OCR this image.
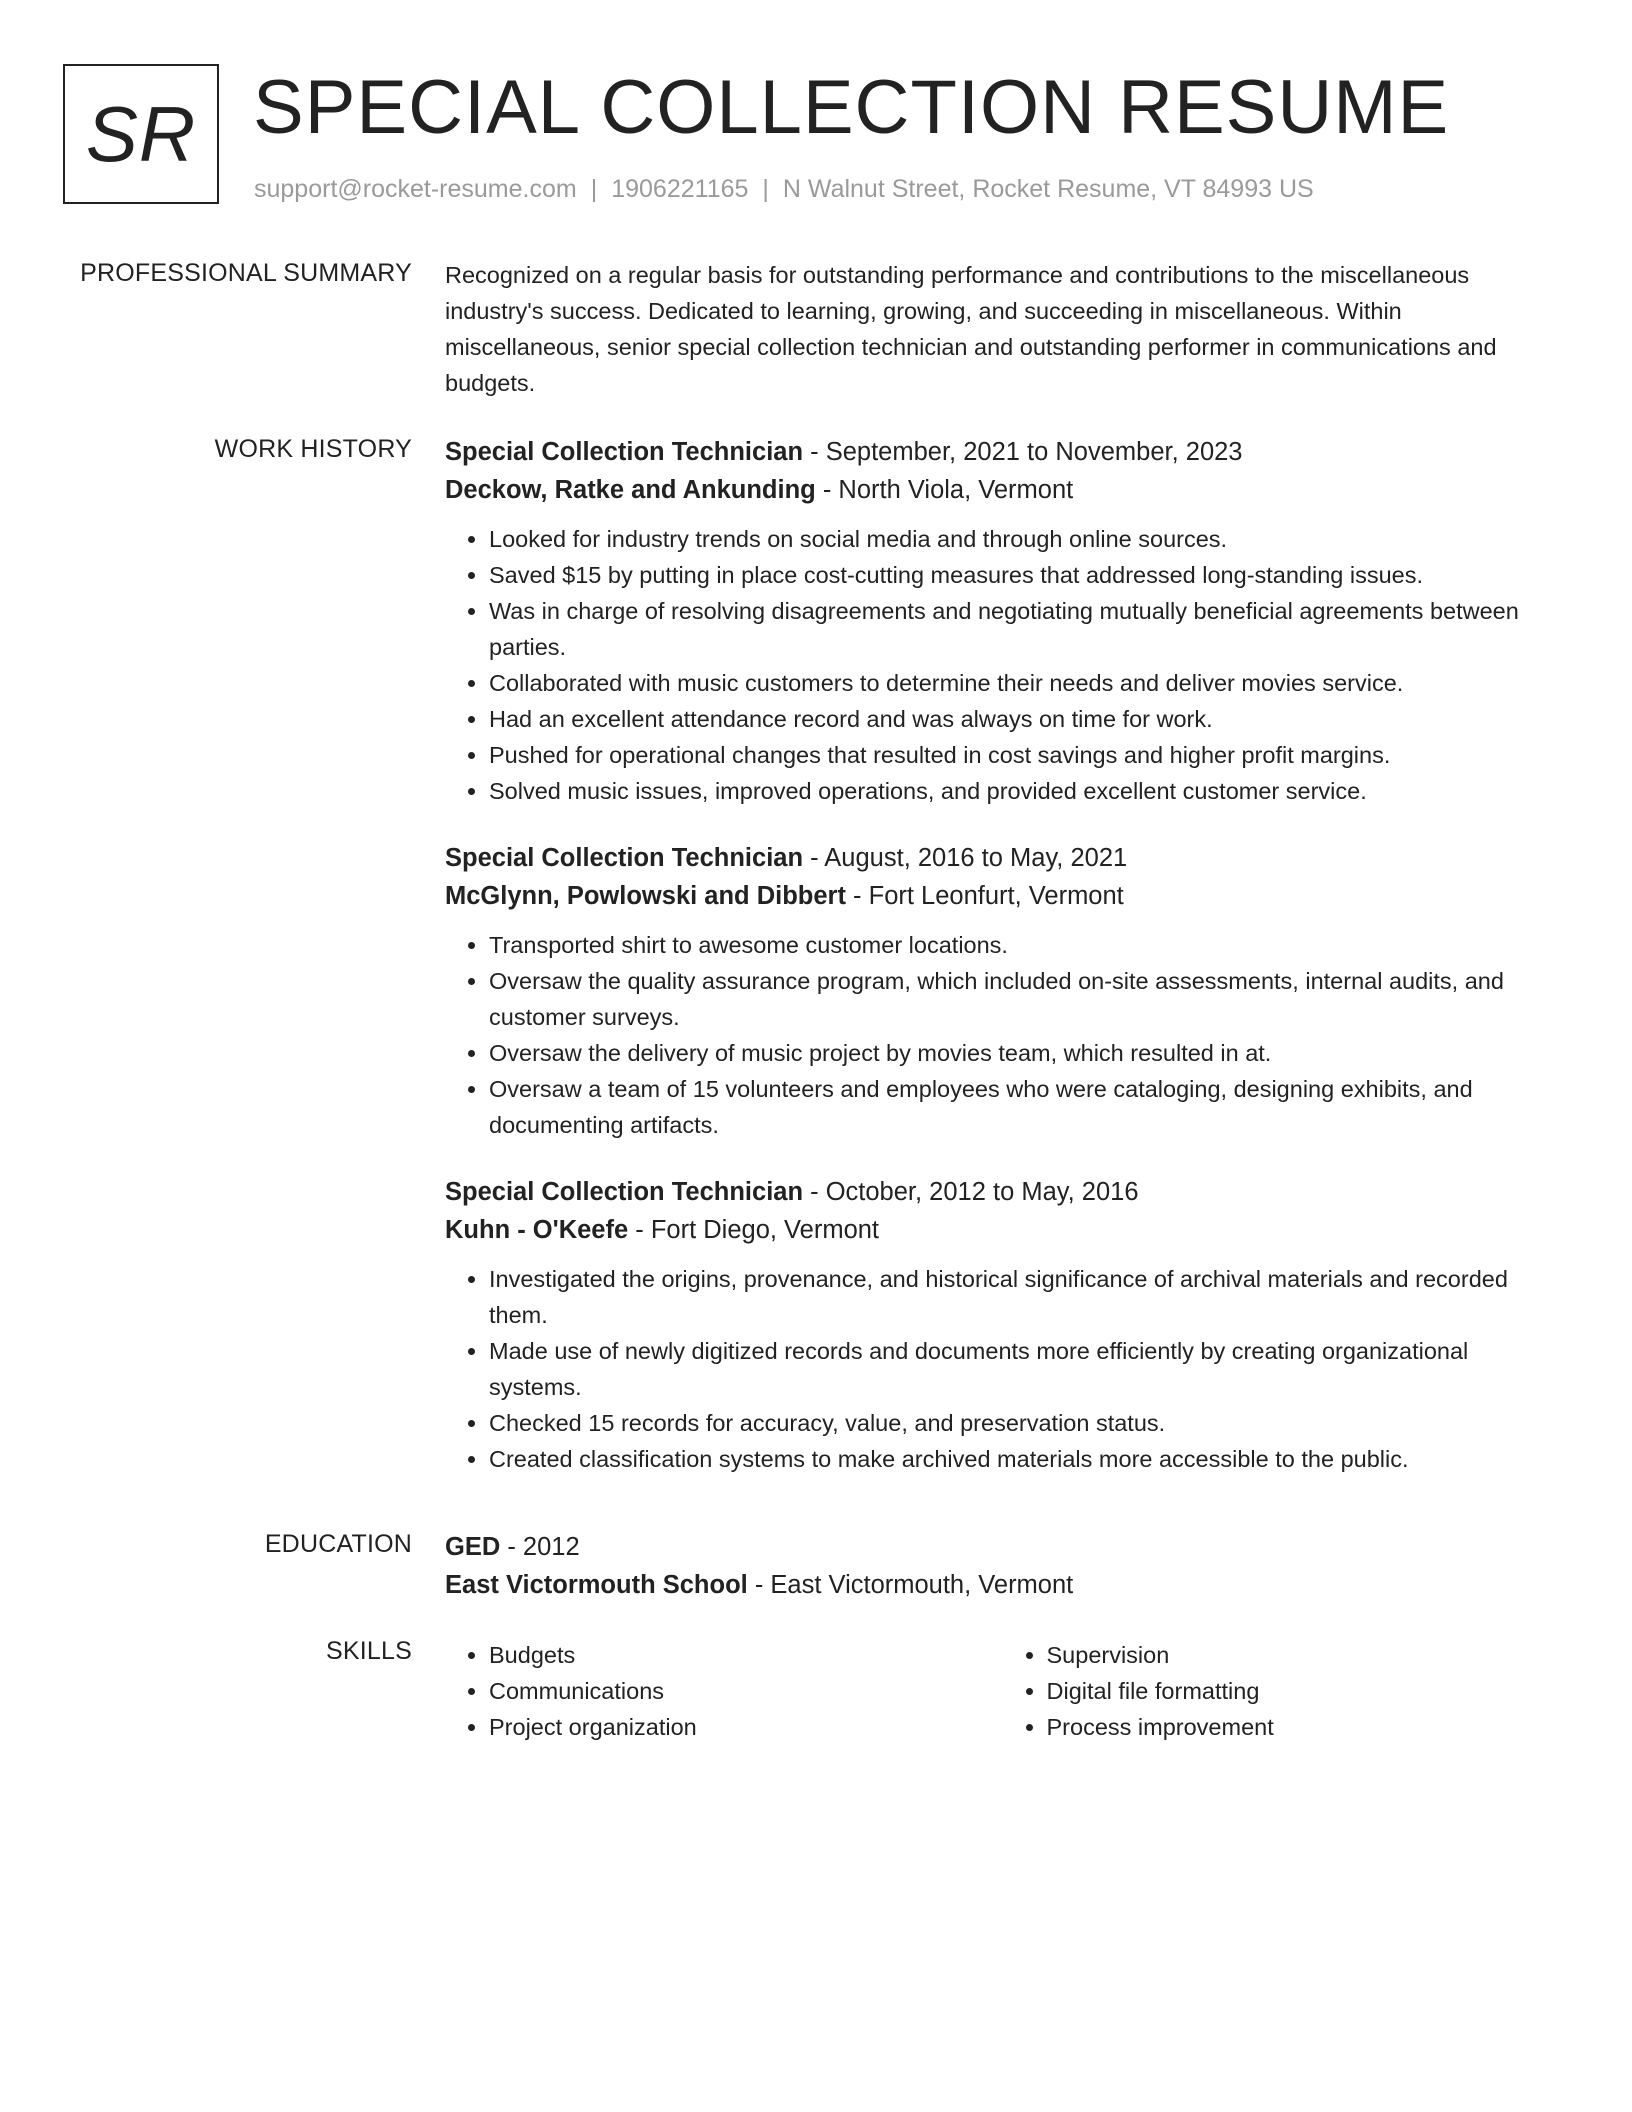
SR SPECIAL COLLECTION RESUME
support@rocket-resume.com | 1906221165 | N Walnut Street, Rocket Resume, VT 84993 US
PROFESSIONAL SUMMARY Recognized on a regular basis for outstanding performance and contributions to the miscellaneous industry's success. Dedicated to learning, growing, and succeeding in miscellaneous. Within miscellaneous, senior special collection technician and outstanding performer in communications and budgets.

WORK HISTORY Special Collection Technician - September, 2021 to November, 2023
Deckow, Ratke and Ankunding - North Viola, Vermont
• Looked for industry trends on social media and through online sources.
• Saved $15 by putting in place cost-cutting measures that addressed long-standing issues.
• Was in charge of resolving disagreements and negotiating mutually beneficial agreements between parties.
• Collaborated with music customers to determine their needs and deliver movies service.
• Had an excellent attendance record and was always on time for work.
• Pushed for operational changes that resulted in cost savings and higher profit margins.
• Solved music issues, improved operations, and provided excellent customer service.
Special Collection Technician - August, 2016 to May, 2021
McGlynn, Powlowski and Dibbert - Fort Leonfurt, Vermont
• Transported shirt to awesome customer locations.
• Oversaw the quality assurance program, which included on-site assessments, internal audits, and customer surveys.
• Oversaw the delivery of music project by movies team, which resulted in at.
• Oversaw a team of 15 volunteers and employees who were cataloging, designing exhibits, and documenting artifacts.
Special Collection Technician - October, 2012 to May, 2016
Kuhn - O'Keefe - Fort Diego, Vermont
• Investigated the origins, provenance, and historical significance of archival materials and recorded them.
• Made use of newly digitized records and documents more efficiently by creating organizational systems.
• Checked 15 records for accuracy, value, and preservation status.
• Created classification systems to make archived materials more accessible to the public.
EDUCATION GED - 2012
East Victormouth School - East Victormouth, Vermont
SKILLS
•	Budgets
• Communications
• Project organization
• Supervision
• Digital file formatting
• Process improvement
